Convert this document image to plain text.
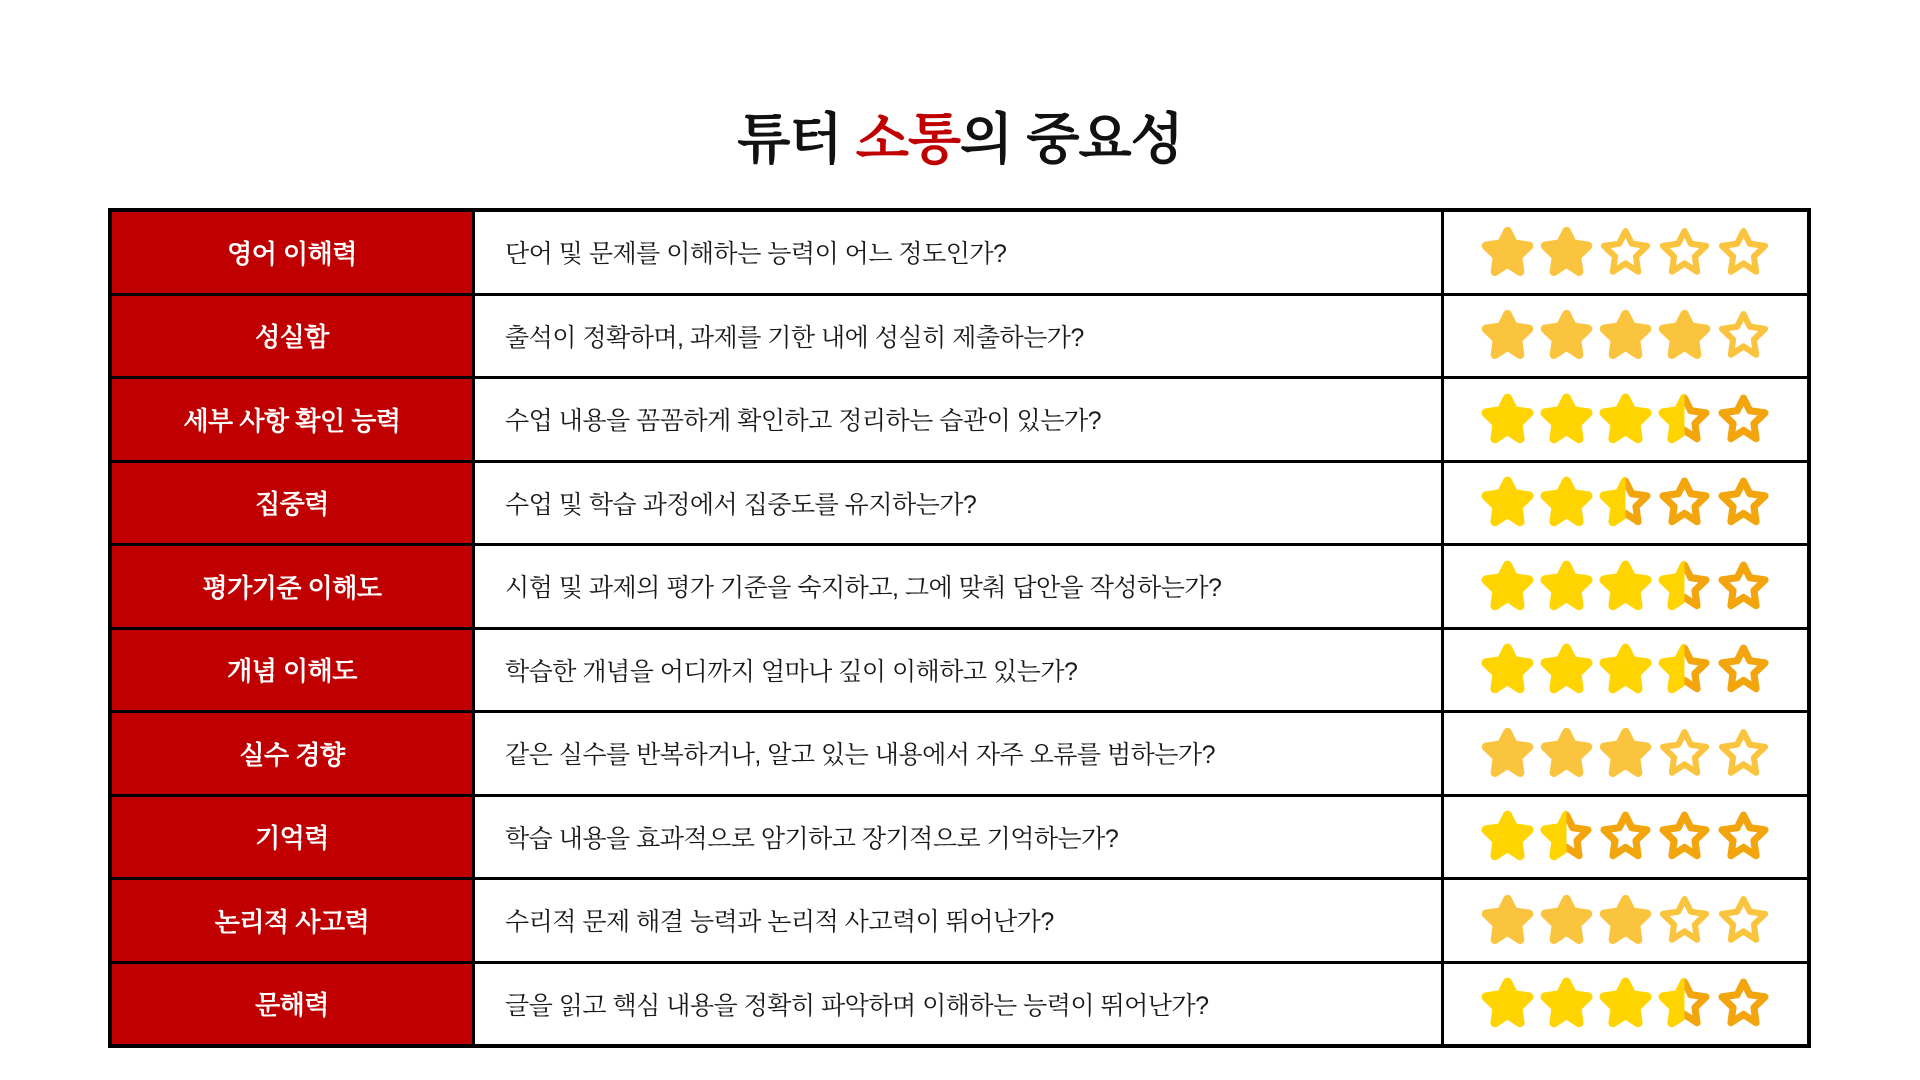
튜터 소통의 중요성
영어 이해력	단어 및 문제를 이해하는 능력이 어느 정도인가?
성실함	출석이 정확하며, 과제를 기한 내에 성실히 제출하는가?
세부 사항 확인 능력	수업 내용을 꼼꼼하게 확인하고 정리하는 습관이 있는가?
집중력	수업 및 학습 과정에서 집중도를 유지하는가?
평가기준 이해도	시험 및 과제의 평가 기준을 숙지하고, 그에 맞춰 답안을 작성하는가?
개념 이해도	학습한 개념을 어디까지 얼마나 깊이 이해하고 있는가?
실수 경향	같은 실수를 반복하거나, 알고 있는 내용에서 자주 오류를 범하는가?
기억력	학습 내용을 효과적으로 암기하고 장기적으로 기억하는가?
논리적 사고력	수리적 문제 해결 능력과 논리적 사고력이 뛰어난가?
문해력	글을 읽고 핵심 내용을 정확히 파악하며 이해하는 능력이 뛰어난가?
